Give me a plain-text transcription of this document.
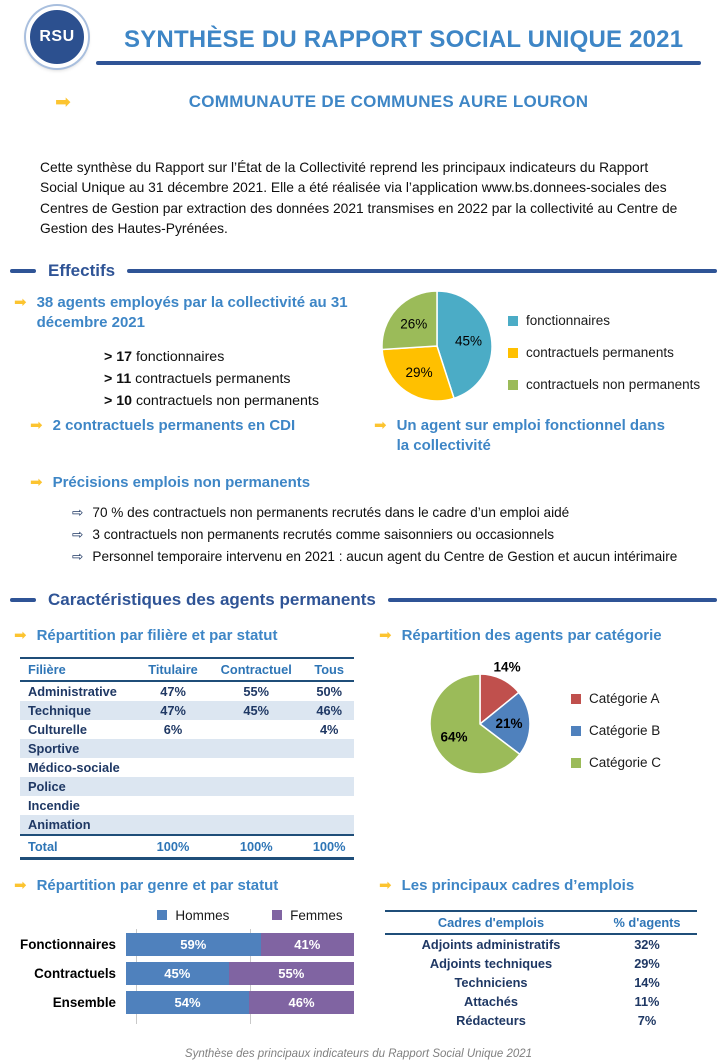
RSU SYNTHÈSE DU RAPPORT SOCIAL UNIQUE 2021
➡	COMMUNAUTE DE COMMUNES AURE LOURON

Cette synthèse du Rapport sur l’État de la Collectivité reprend les principaux indicateurs du Rapport Social Unique au 31 décembre 2021. Elle a été réalisée via l’application www.bs.donnees-sociales des Centres de Gestion par extraction des données 2021 transmises en 2022 par la collectivité au Centre de Gestion des Hautes-Pyrénées.

Effectifs
➡ 38 agents employés par la collectivité au 31 décembre 2021
> 17 fonctionnaires
> 11 contractuels permanents
> 10 contractuels non permanents
45%
29%
26%	fonctionnaires
contractuels permanents
contractuels non permanents
➡ 2 contractuels permanents en CDI	➡ Un agent sur emploi fonctionnel dans la collectivité
➡ Précisions emplois non permanents
⇨ 70 % des contractuels non permanents recrutés dans le cadre d’un emploi aidé
⇨ 3 contractuels non permanents recrutés comme saisonniers ou occasionnels
⇨ Personnel temporaire intervenu en 2021 : aucun agent du Centre de Gestion et aucun intérimaire
Caractéristiques des agents permanents
➡ Répartition par filière et par statut
Filière	Titulaire	Contractuel	Tous
Administrative	47%	55%	50%
Technique	47%	45%	46%
Culturelle	6%		4%
Sportive			
Médico-sociale			
Police			
Incendie			
Animation			
Total	100%	100%	100%
➡ Répartition des agents par catégorie
14%
21%
64%
Catégorie A
Catégorie B
Catégorie C
➡ Répartition par genre et par statut
Hommes	Femmes
Fonctionnaires	59%	41%
Contractuels	45%	55%
Ensemble	54%	46%
➡ Les principaux cadres d’emplois
Cadres d'emplois	% d'agents
Adjoints administratifs	32%
Adjoints techniques	29%
Techniciens	14%
Attachés	11%
Rédacteurs	7%
Synthèse des principaux indicateurs du Rapport Social Unique 2021
